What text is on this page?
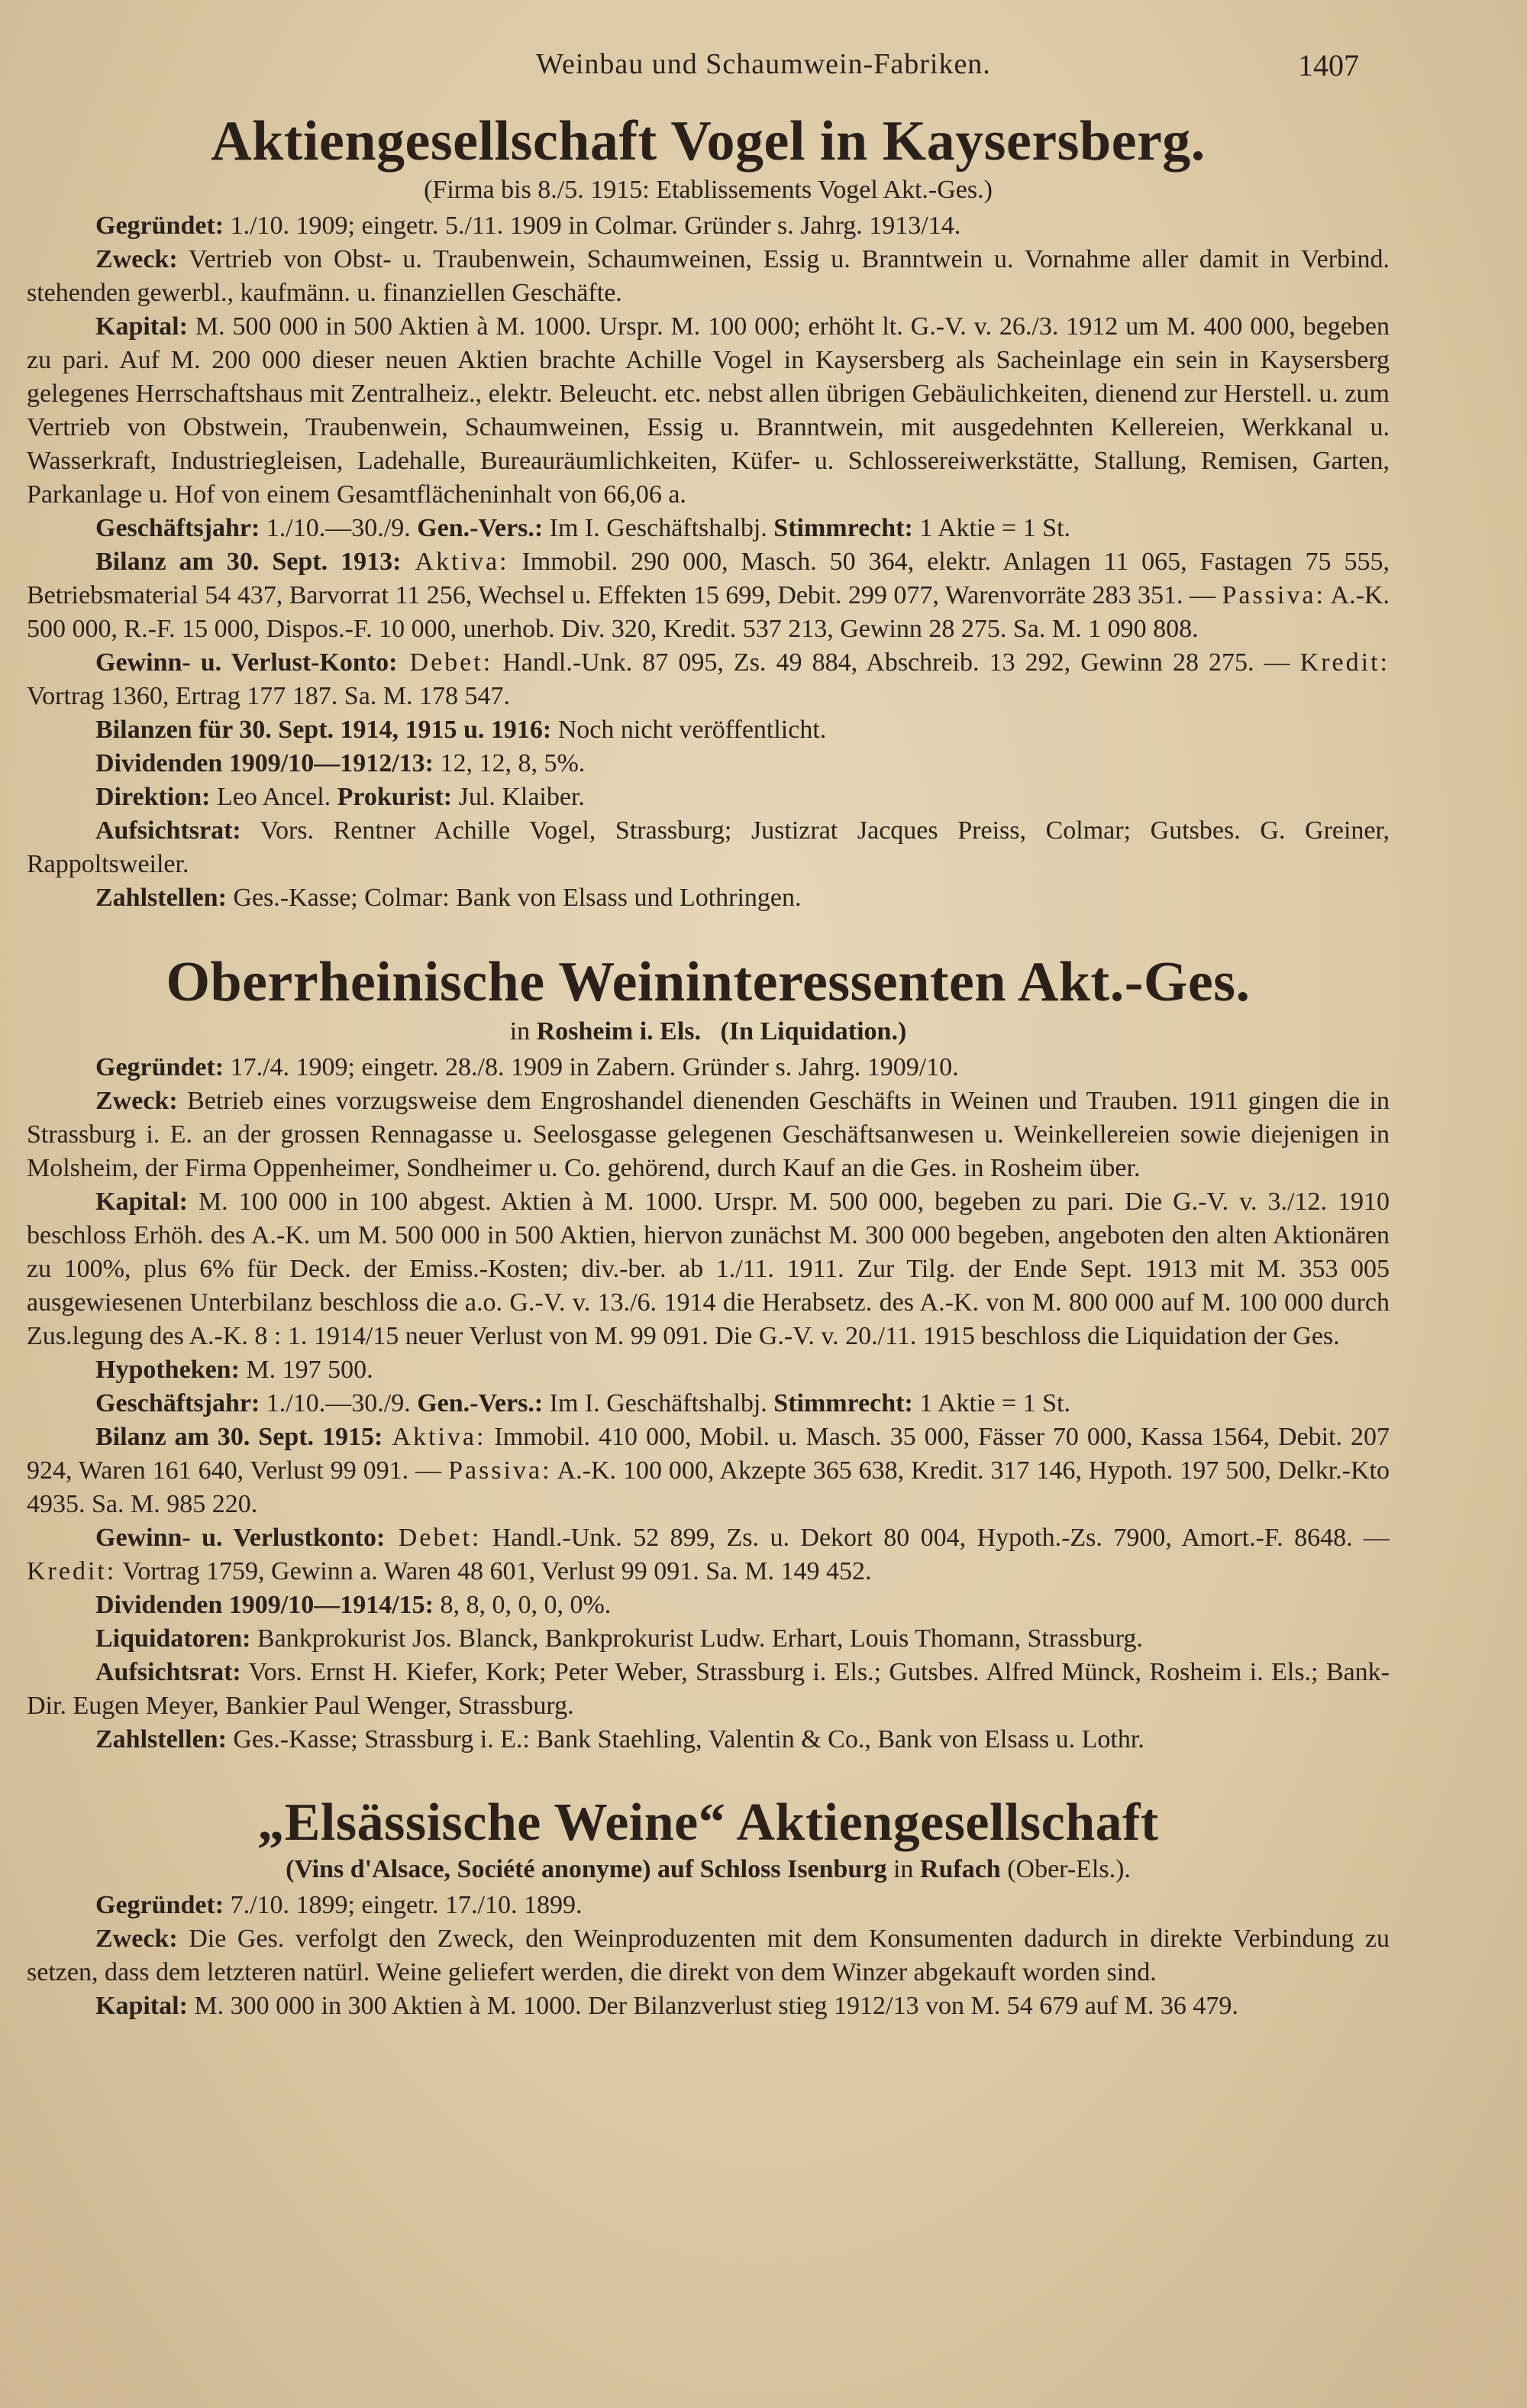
Weinbau und Schaumwein-Fabriken.	1407
Aktiengesellschaft Vogel in Kaysersberg.
(Firma bis 8./5. 1915: Etablissements Vogel Akt.-Ges.)

Gegründet: 1./10. 1909; eingetr. 5./11. 1909 in Colmar. Gründer s. Jahrg. 1913/14.

Zweck: Vertrieb von Obst- u. Traubenwein, Schaumweinen, Essig u. Branntwein u. Vornahme aller damit in Verbind. stehenden gewerbl., kaufmänn. u. finanziellen Geschäfte.

Kapital: M. 500 000 in 500 Aktien à M. 1000. Urspr. M. 100 000; erhöht lt. G.-V. v. 26./3. 1912 um M. 400 000, begeben zu pari. Auf M. 200 000 dieser neuen Aktien brachte Achille Vogel in Kaysersberg als Sacheinlage ein sein in Kaysersberg gelegenes Herrschaftshaus mit Zentralheiz., elektr. Beleucht. etc. nebst allen übrigen Gebäulichkeiten, dienend zur Herstell. u. zum Vertrieb von Obstwein, Traubenwein, Schaumweinen, Essig u. Branntwein, mit ausgedehnten Kellereien, Werkkanal u. Wasserkraft, Industriegleisen, Ladehalle, Bureauräumlichkeiten, Küfer- u. Schlossereiwerkstätte, Stallung, Remisen, Garten, Parkanlage u. Hof von einem Gesamtflächeninhalt von 66,06 a.

Geschäftsjahr: 1./10.—30./9. Gen.-Vers.: Im I. Geschäftshalbj. Stimmrecht: 1 Aktie = 1 St.

Bilanz am 30. Sept. 1913: Aktiva: Immobil. 290 000, Masch. 50 364, elektr. Anlagen 11 065, Fastagen 75 555, Betriebsmaterial 54 437, Barvorrat 11 256, Wechsel u. Effekten 15 699, Debit. 299 077, Warenvorräte 283 351. — Passiva: A.-K. 500 000, R.-F. 15 000, Dispos.-F. 10 000, unerhob. Div. 320, Kredit. 537 213, Gewinn 28 275. Sa. M. 1 090 808.

Gewinn- u. Verlust-Konto: Debet: Handl.-Unk. 87 095, Zs. 49 884, Abschreib. 13 292, Gewinn 28 275. — Kredit: Vortrag 1360, Ertrag 177 187. Sa. M. 178 547.

Bilanzen für 30. Sept. 1914, 1915 u. 1916: Noch nicht veröffentlicht.

Dividenden 1909/10—1912/13: 12, 12, 8, 5%.

Direktion: Leo Ancel. Prokurist: Jul. Klaiber.

Aufsichtsrat: Vors. Rentner Achille Vogel, Strassburg; Justizrat Jacques Preiss, Colmar; Gutsbes. G. Greiner, Rappoltsweiler.

Zahlstellen: Ges.-Kasse; Colmar: Bank von Elsass und Lothringen.

Oberrheinische Weininteressenten Akt.-Ges.
in Rosheim i. Els. (In Liquidation.)

Gegründet: 17./4. 1909; eingetr. 28./8. 1909 in Zabern. Gründer s. Jahrg. 1909/10.

Zweck: Betrieb eines vorzugsweise dem Engroshandel dienenden Geschäfts in Weinen und Trauben. 1911 gingen die in Strassburg i. E. an der grossen Rennagasse u. Seelosgasse gelegenen Geschäftsanwesen u. Weinkellereien sowie diejenigen in Molsheim, der Firma Oppenheimer, Sondheimer u. Co. gehörend, durch Kauf an die Ges. in Rosheim über.

Kapital: M. 100 000 in 100 abgest. Aktien à M. 1000. Urspr. M. 500 000, begeben zu pari. Die G.-V. v. 3./12. 1910 beschloss Erhöh. des A.-K. um M. 500 000 in 500 Aktien, hiervon zunächst M. 300 000 begeben, angeboten den alten Aktionären zu 100%, plus 6% für Deck. der Emiss.-Kosten; div.-ber. ab 1./11. 1911. Zur Tilg. der Ende Sept. 1913 mit M. 353 005 ausgewiesenen Unterbilanz beschloss die a.o. G.-V. v. 13./6. 1914 die Herabsetz. des A.-K. von M. 800 000 auf M. 100 000 durch Zus.legung des A.-K. 8 : 1. 1914/15 neuer Verlust von M. 99 091. Die G.-V. v. 20./11. 1915 beschloss die Liquidation der Ges.

Hypotheken: M. 197 500.

Geschäftsjahr: 1./10.—30./9. Gen.-Vers.: Im I. Geschäftshalbj. Stimmrecht: 1 Aktie = 1 St.

Bilanz am 30. Sept. 1915: Aktiva: Immobil. 410 000, Mobil. u. Masch. 35 000, Fässer 70 000, Kassa 1564, Debit. 207 924, Waren 161 640, Verlust 99 091. — Passiva: A.-K. 100 000, Akzepte 365 638, Kredit. 317 146, Hypoth. 197 500, Delkr.-Kto 4935. Sa. M. 985 220.

Gewinn- u. Verlustkonto: Debet: Handl.-Unk. 52 899, Zs. u. Dekort 80 004, Hypoth.-Zs. 7900, Amort.-F. 8648. — Kredit: Vortrag 1759, Gewinn a. Waren 48 601, Verlust 99 091. Sa. M. 149 452.

Dividenden 1909/10—1914/15: 8, 8, 0, 0, 0, 0%.

Liquidatoren: Bankprokurist Jos. Blanck, Bankprokurist Ludw. Erhart, Louis Thomann, Strassburg.

Aufsichtsrat: Vors. Ernst H. Kiefer, Kork; Peter Weber, Strassburg i. Els.; Gutsbes. Alfred Münck, Rosheim i. Els.; Bank-Dir. Eugen Meyer, Bankier Paul Wenger, Strassburg.

Zahlstellen: Ges.-Kasse; Strassburg i. E.: Bank Staehling, Valentin & Co., Bank von Elsass u. Lothr.

„Elsässische Weine“ Aktiengesellschaft
(Vins d'Alsace, Société anonyme) auf Schloss Isenburg in Rufach (Ober-Els.).

Gegründet: 7./10. 1899; eingetr. 17./10. 1899.

Zweck: Die Ges. verfolgt den Zweck, den Weinproduzenten mit dem Konsumenten dadurch in direkte Verbindung zu setzen, dass dem letzteren natürl. Weine geliefert werden, die direkt von dem Winzer abgekauft worden sind.

Kapital: M. 300 000 in 300 Aktien à M. 1000. Der Bilanzverlust stieg 1912/13 von M. 54 679 auf M. 36 479.
